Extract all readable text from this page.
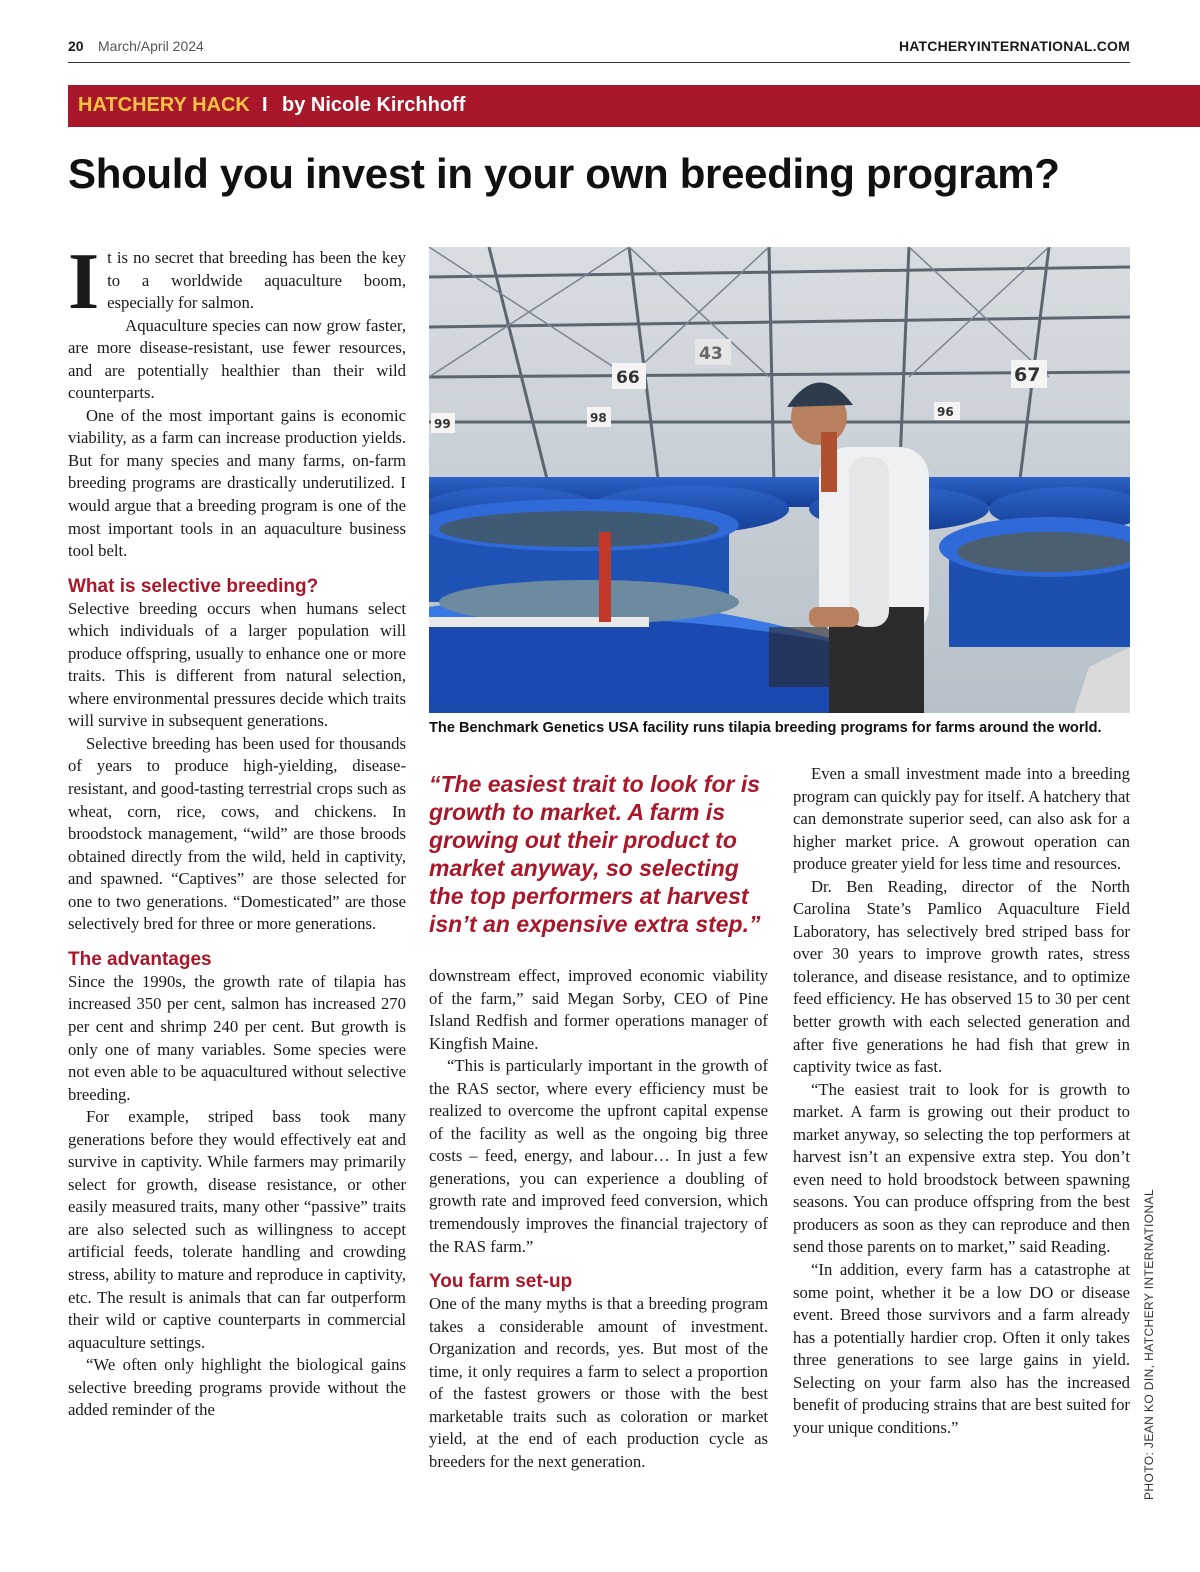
20 March/April 2024	HATCHERYINTERNATIONAL.COM
HATCHERY HACK I by Nicole Kirchhoff
Should you invest in your own breeding program?

It is no secret that breeding has been the key to a worldwide aquaculture boom, especially for salmon.

Aquaculture species can now grow faster, are more disease-resistant, use fewer resources, and are potentially healthier than their wild counterparts.

One of the most important gains is economic viability, as a farm can increase production yields. But for many species and many farms, on-farm breeding programs are drastically underutilized. I would argue that a breeding program is one of the most important tools in an aquaculture business tool belt.

What is selective breeding?

Selective breeding occurs when humans select which individuals of a larger population will produce offspring, usually to enhance one or more traits. This is different from natural selection, where environmental pressures decide which traits will survive in subsequent generations.

Selective breeding has been used for thousands of years to produce high-yielding, disease-resistant, and good-tasting terrestrial crops such as wheat, corn, rice, cows, and chickens. In broodstock management, “wild” are those broods obtained directly from the wild, held in captivity, and spawned. “Captives” are those selected for one to two generations. “Domesticated” are those selectively bred for three or more generations.

The advantages

Since the 1990s, the growth rate of tilapia has increased 350 per cent, salmon has increased 270 per cent and shrimp 240 per cent. But growth is only one of many variables. Some species were not even able to be aquacultured without selective breeding.

For example, striped bass took many generations before they would effectively eat and survive in captivity. While farmers may primarily select for growth, disease resistance, or other easily measured traits, many other “passive” traits are also selected such as willingness to accept artificial feeds, tolerate handling and crowding stress, ability to mature and reproduce in captivity, etc. The result is animals that can far outperform their wild or captive counterparts in commercial aquaculture settings.

“We often only highlight the biological gains selective breeding programs provide without the added reminder of the

99	98
66
43
67
96
The Benchmark Genetics USA facility runs tilapia breeding programs for farms around the world.

“The easiest trait to look for is growth to market. A farm is growing out their product to market anyway, so selecting the top performers at harvest isn’t an expensive extra step.”

downstream effect, improved economic viability of the farm,” said Megan Sorby, CEO of Pine Island Redfish and former operations manager of Kingfish Maine.

“This is particularly important in the growth of the RAS sector, where every efficiency must be realized to overcome the upfront capital expense of the facility as well as the ongoing big three costs – feed, energy, and labour… In just a few generations, you can experience a doubling of growth rate and improved feed conversion, which tremendously improves the financial trajectory of the RAS farm.”

You farm set-up

One of the many myths is that a breeding program takes a considerable amount of investment. Organization and records, yes. But most of the time, it only requires a farm to select a proportion of the fastest growers or those with the best marketable traits such as coloration or market yield, at the end of each production cycle as breeders for the next generation.

Even a small investment made into a breeding program can quickly pay for itself. A hatchery that can demonstrate superior seed, can also ask for a higher market price. A growout operation can produce greater yield for less time and resources.

Dr. Ben Reading, director of the North Carolina State’s Pamlico Aquaculture Field Laboratory, has selectively bred striped bass for over 30 years to improve growth rates, stress tolerance, and disease resistance, and to optimize feed efficiency. He has observed 15 to 30 per cent better growth with each selected generation and after five generations he had fish that grew in captivity twice as fast.

“The easiest trait to look for is growth to market. A farm is growing out their product to market anyway, so selecting the top performers at harvest isn’t an expensive extra step. You don’t even need to hold broodstock between spawning seasons. You can produce offspring from the best producers as soon as they can reproduce and then send those parents on to market,” said Reading.

“In addition, every farm has a catastrophe at some point, whether it be a low DO or disease event. Breed those survivors and a farm already has a potentially hardier crop. Often it only takes three generations to see large gains in yield. Selecting on your farm also has the increased benefit of producing strains that are best suited for your unique conditions.”	PHOTO: JEAN KO DIN, HATCHERY INTERNATIONAL
